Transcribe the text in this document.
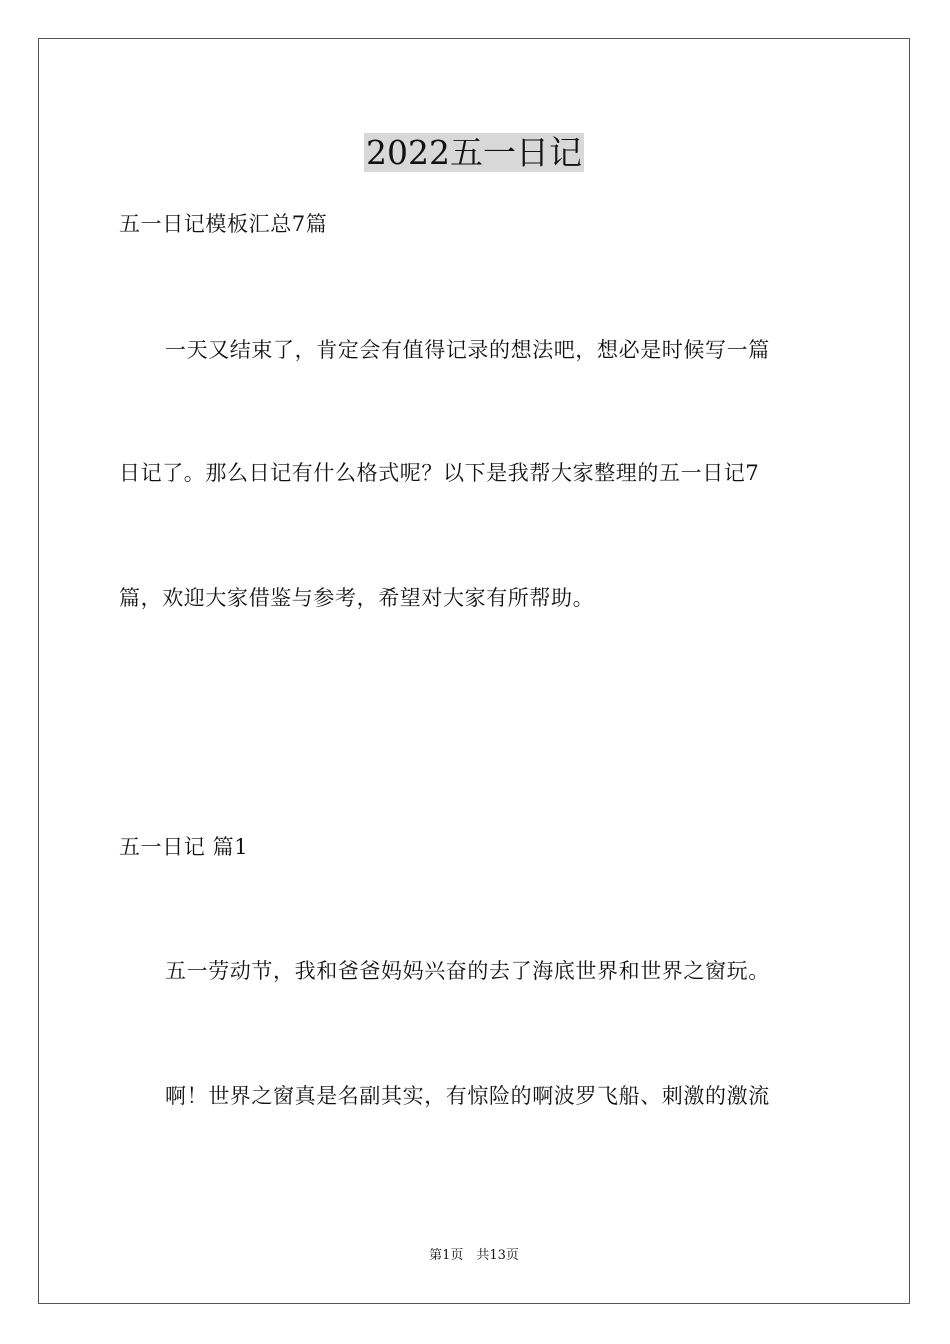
2022五一日记
五一日记模板汇总7篇
一天又结束了，肯定会有值得记录的想法吧，想必是时候写一篇
日记了。那么日记有什么格式呢？以下是我帮大家整理的五一日记7
篇，欢迎大家借鉴与参考，希望对大家有所帮助。
五一日记 篇1
五一劳动节，我和爸爸妈妈兴奋的去了海底世界和世界之窗玩。
啊！世界之窗真是名副其实，有惊险的啊波罗飞船、刺激的激流
第1页　共13页
